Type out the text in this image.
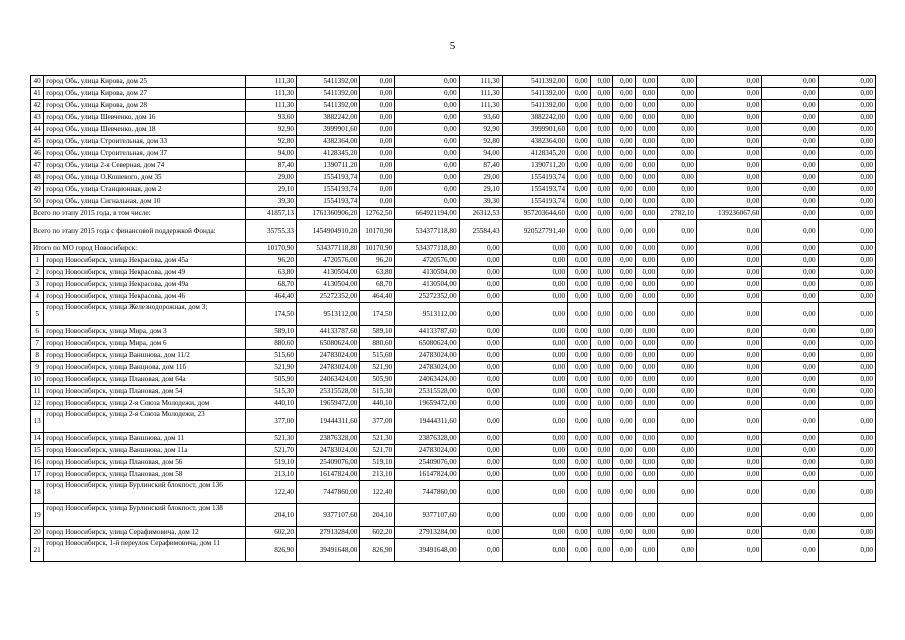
5
40	город Обь, улица Кирова, дом 25	111,30	5411392,00	0,00	0,00	111,30	5411392,00	0,00	0,00	0,00	0,00	0,00	0,00	0,00	0,00
41	город Обь, улица Кирова, дом 27	111,30	5411392,00	0,00	0,00	111,30	5411392,00	0,00	0,00	0,00	0,00	0,00	0,00	0,00	0,00
42	город Обь, улица Кирова, дом 28	111,30	5411392,00	0,00	0,00	111,30	5411392,00	0,00	0,00	0,00	0,00	0,00	0,00	0,00	0,00
43	город Обь, улица Шевченко, дом 16	93,60	3882242,00	0,00	0,00	93,60	3882242,00	0,00	0,00	0,00	0,00	0,00	0,00	0,00	0,00
44	город Обь, улица Шевченко, дом 18	92,90	3999901,60	0,00	0,00	92,90	3999901,60	0,00	0,00	0,00	0,00	0,00	0,00	0,00	0,00
45	город Обь, улица Строительная, дом 33	92,80	4382364,00	0,00	0,00	92,80	4382364,00	0,00	0,00	0,00	0,00	0,00	0,00	0,00	0,00
46	город Обь, улица Строительная, дом 37	94,00	4128345,20	0,00	0,00	94,00	4128345,20	0,00	0,00	0,00	0,00	0,00	0,00	0,00	0,00
47	город Обь, улица 2-я Северная, дом 74	87,40	1390711,20	0,00	0,00	87,40	1390711,20	0,00	0,00	0,00	0,00	0,00	0,00	0,00	0,00
48	город Обь, улица О.Кошевого, дом 35	29,00	1554193,74	0,00	0,00	29,00	1554193,74	0,00	0,00	0,00	0,00	0,00	0,00	0,00	0,00
49	город Обь, улица Станционная, дом 2	29,10	1554193,74	0,00	0,00	29,10	1554193,74	0,00	0,00	0,00	0,00	0,00	0,00	0,00	0,00
50	город Обь, улица Сигнальная, дом 10	39,30	1554193,74	0,00	0,00	39,30	1554193,74	0,00	0,00	0,00	0,00	0,00	0,00	0,00	0,00
Всего по этапу 2015 года, в том числе:		41857,13	1761360906,20	12762,50	664921194,00	26312,53	957203644,60	0,00	0,00	0,00	0,00	2782,10	139236067,60	0,00	0,00
Всего по этапу 2015 года с финансовой поддержкой Фонда:		35755,33	1454904910,20	10170,90	534377118,80	25584,43	920527791,40	0,00	0,00	0,00	0,00	0,00	0,00	0,00	0,00
Итого по МО город Новосибирск:		10170,90	534377118,80	10170,90	534377118,80	0,00	0,00	0,00	0,00	0,00	0,00	0,00	0,00	0,00	0,00
1	город Новосибирск, улица Некрасова, дом 45а	96,20	4720576,00	96,20	4720576,00	0,00	0,00	0,00	0,00	0,00	0,00	0,00	0,00	0,00	0,00
2	город Новосибирск, улица Некрасова, дом 49	63,80	4130504,00	63,80	4130504,00	0,00	0,00	0,00	0,00	0,00	0,00	0,00	0,00	0,00	0,00
3	город Новосибирск, улица Некрасова, дом 49а	68,70	4130504,00	68,70	4130504,00	0,00	0,00	0,00	0,00	0,00	0,00	0,00	0,00	0,00	0,00
4	город Новосибирск, улица Некрасова, дом 46	464,40	25272352,00	464,40	25272352,00	0,00	0,00	0,00	0,00	0,00	0,00	0,00	0,00	0,00	0,00
5	город Новосибирск, улица Железнодорожная, дом 3;	174,50	9513112,00	174,50	9513112,00	0,00	0,00	0,00	0,00	0,00	0,00	0,00	0,00	0,00	0,00
6	город Новосибирск, улица Мира, дом 3	589,10	44133787,60	589,10	44133787,60	0,00	0,00	0,00	0,00	0,00	0,00	0,00	0,00	0,00	0,00
7	город Новосибирск, улица Мира, дом 6	880,60	65080624,00	880,60	65080624,00	0,00	0,00	0,00	0,00	0,00	0,00	0,00	0,00	0,00	0,00
8	город Новосибирск, улица Ваншнова, дом 11/2	515,60	24783024,00	515,60	24783024,00	0,00	0,00	0,00	0,00	0,00	0,00	0,00	0,00	0,00	0,00
9	город Новосибирск, улица Ванцнова, дом 11б	521,90	24783024,00	521,90	24783024,00	0,00	0,00	0,00	0,00	0,00	0,00	0,00	0,00	0,00	0,00
10	город Новосибирск, улица Плановая, дом 64а	505,90	24063424,00	505,90	24063424,00	0,00	0,00	0,00	0,00	0,00	0,00	0,00	0,00	0,00	0,00
11	город Новосибирск, улица Плановая, дом 54	515,30	25315528,00	515,30	25315528,00	0,00	0,00	0,00	0,00	0,00	0,00	0,00	0,00	0,00	0,00
12	город Новосибирск, улица 2-я Союза Молодежи, дом	440,10	19659472,00	440,10	19659472,00	0,00	0,00	0,00	0,00	0,00	0,00	0,00	0,00	0,00	0,00
13	город Новосибирск, улица 2-я Союза Молодежи, 23	377,00	19444311,60	377,00	19444311,60	0,00	0,00	0,00	0,00	0,00	0,00	0,00	0,00	0,00	0,00
14	город Новосибирск, улица Ваншнова, дом 11	521,30	23876328,00	521,30	23876328,00	0,00	0,00	0,00	0,00	0,00	0,00	0,00	0,00	0,00	0,00
15	город Новосибирск, улица Ваншнова, дом 11а	521,70	24783024,00	521,70	24783024,00	0,00	0,00	0,00	0,00	0,00	0,00	0,00	0,00	0,00	0,00
16	город Новосибирск, улица Плановая, дом 56	519,10	25409076,00	519,10	25409076,00	0,00	0,00	0,00	0,00	0,00	0,00	0,00	0,00	0,00	0,00
17	город Новосибирск, улица Плановая, дом 58	213,10	16147824,00	213,10	16147824,00	0,00	0,00	0,00	0,00	0,00	0,00	0,00	0,00	0,00	0,00
18	город Новосибирск, улица Бурлинский блокпост, дом 136	122,40	7447860,00	122,40	7447860,00	0,00	0,00	0,00	0,00	0,00	0,00	0,00	0,00	0,00	0,00
19	город Новосибирск, улица Бурлинский блокпост, дом 138	204,10	9377107,60	204,10	9377107,60	0,00	0,00	0,00	0,00	0,00	0,00	0,00	0,00	0,00	0,00
20	город Новосибирск, улица Серафимовича, дом 12	602,20	27913284,00	602,20	27913284,00	0,00	0,00	0,00	0,00	0,00	0,00	0,00	0,00	0,00	0,00
21	город Новосибирск, 1-й переулок Серафимовича, дом 11	826,90	39491648,00	826,90	39491648,00	0,00	0,00	0,00	0,00	0,00	0,00	0,00	0,00	0,00	0,00
